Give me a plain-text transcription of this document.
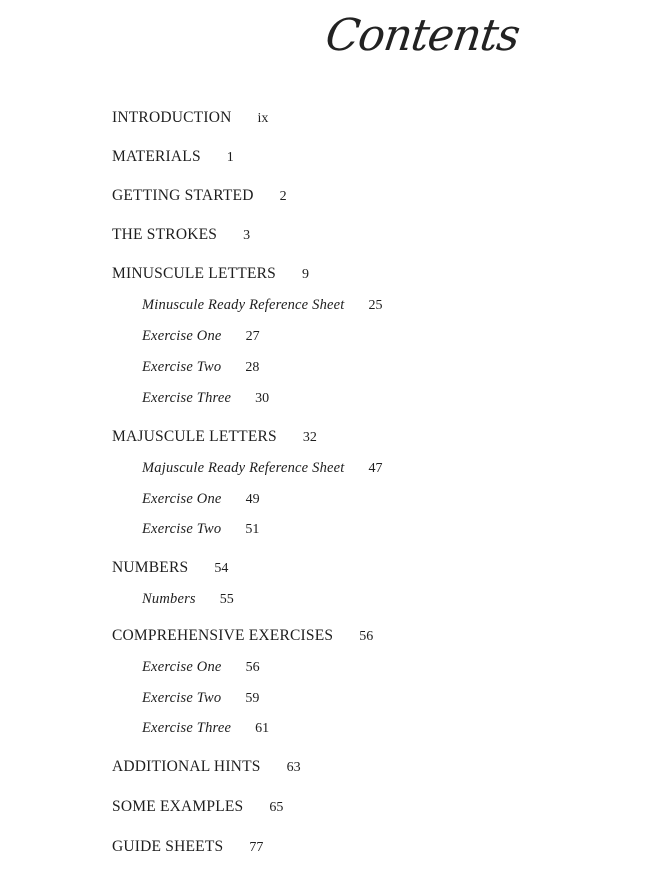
Contents
INTRODUCTION ix
MATERIALS 1
GETTING STARTED 2
THE STROKES 3
MINUSCULE LETTERS 9
Minuscule Ready Reference Sheet 25
Exercise One 27
Exercise Two 28
Exercise Three 30
MAJUSCULE LETTERS 32
Majuscule Ready Reference Sheet 47
Exercise One 49
Exercise Two 51
NUMBERS 54
Numbers 55
COMPREHENSIVE EXERCISES 56
Exercise One 56
Exercise Two 59
Exercise Three 61
ADDITIONAL HINTS 63
SOME EXAMPLES 65
GUIDE SHEETS 77
